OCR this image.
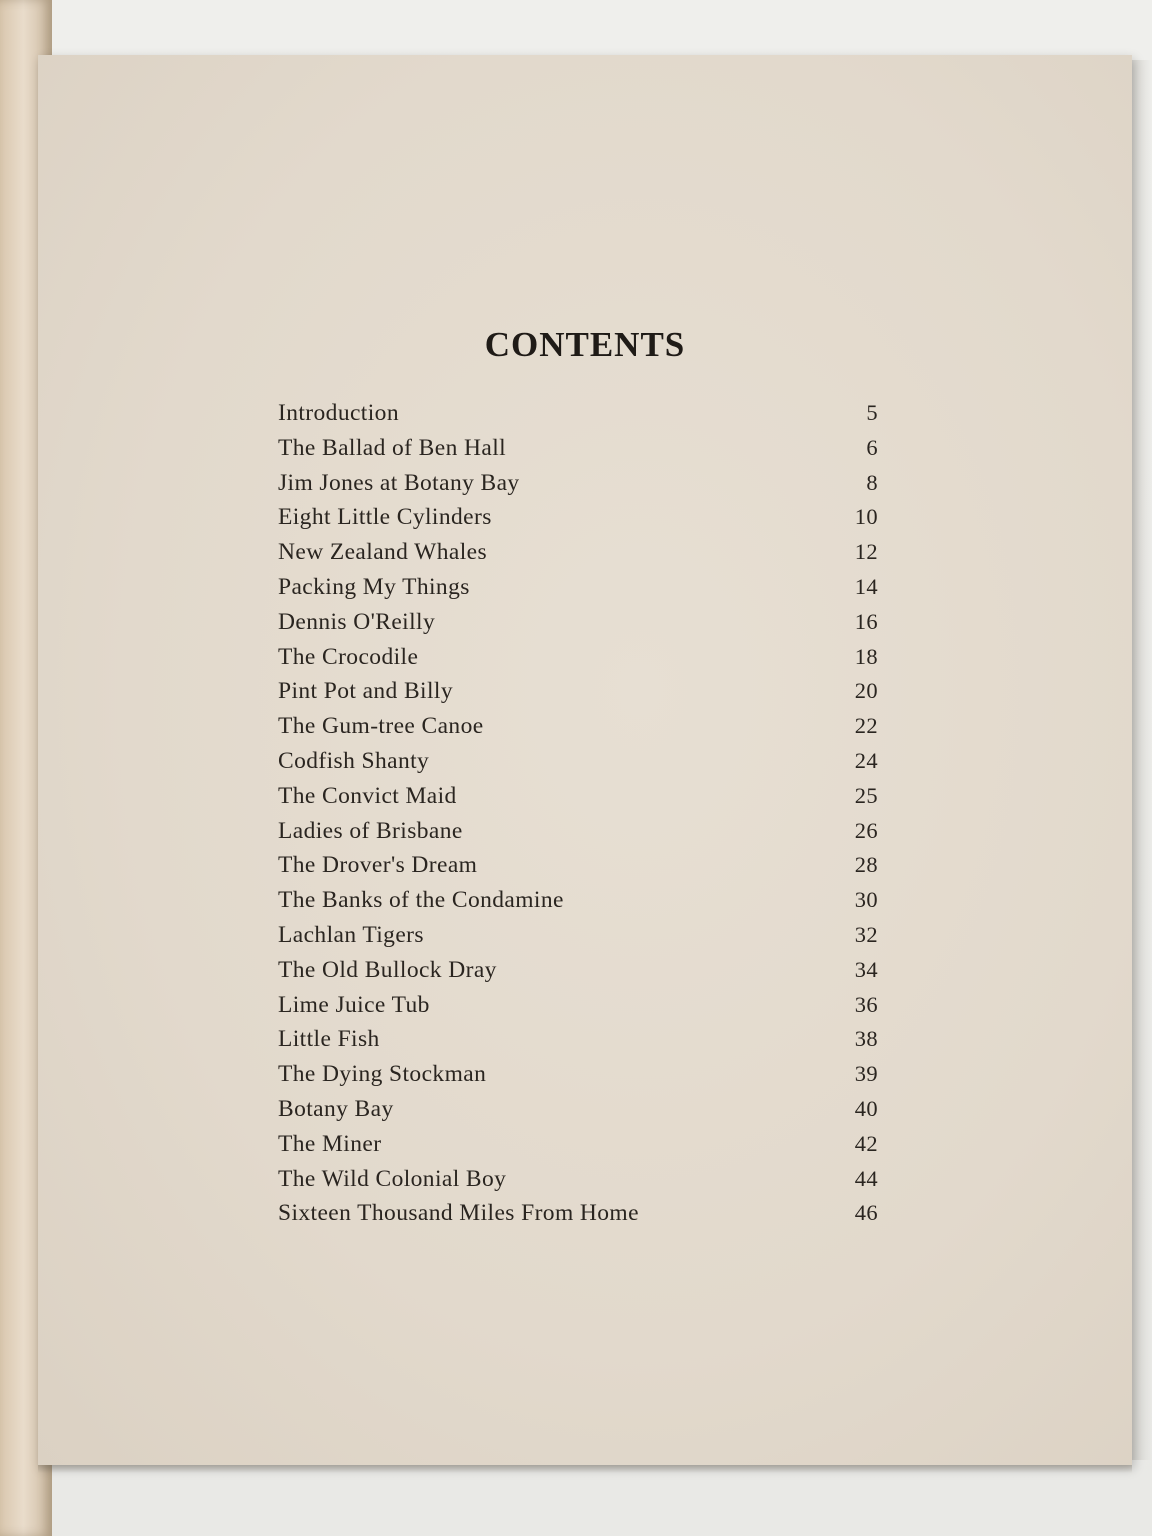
CONTENTS
Introduction	5
The Ballad of Ben Hall	6
Jim Jones at Botany Bay	8
Eight Little Cylinders	10
New Zealand Whales	12
Packing My Things	14
Dennis O'Reilly	16
The Crocodile	18
Pint Pot and Billy	20
The Gum-tree Canoe	22
Codfish Shanty	24
The Convict Maid	25
Ladies of Brisbane	26
The Drover's Dream	28
The Banks of the Condamine	30
Lachlan Tigers	32
The Old Bullock Dray	34
Lime Juice Tub	36
Little Fish	38
The Dying Stockman	39
Botany Bay	40
The Miner	42
The Wild Colonial Boy	44
Sixteen Thousand Miles From Home	46
